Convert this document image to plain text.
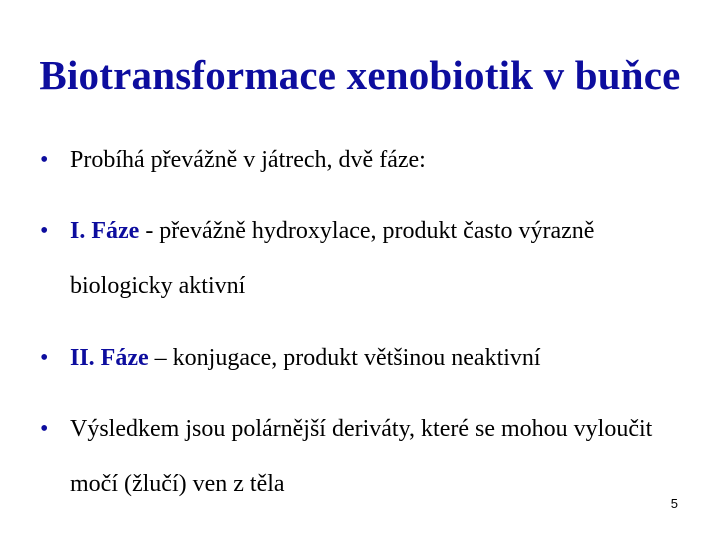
Biotransformace xenobiotik v buňce
• Probíhá převážně v játrech, dvě fáze:
• I. Fáze - převážně hydroxylace, produkt často výrazně biologicky aktivní
• II. Fáze – konjugace, produkt většinou neaktivní
• Výsledkem jsou polárnější deriváty, které se mohou vyloučit močí (žlučí) ven z těla
5
